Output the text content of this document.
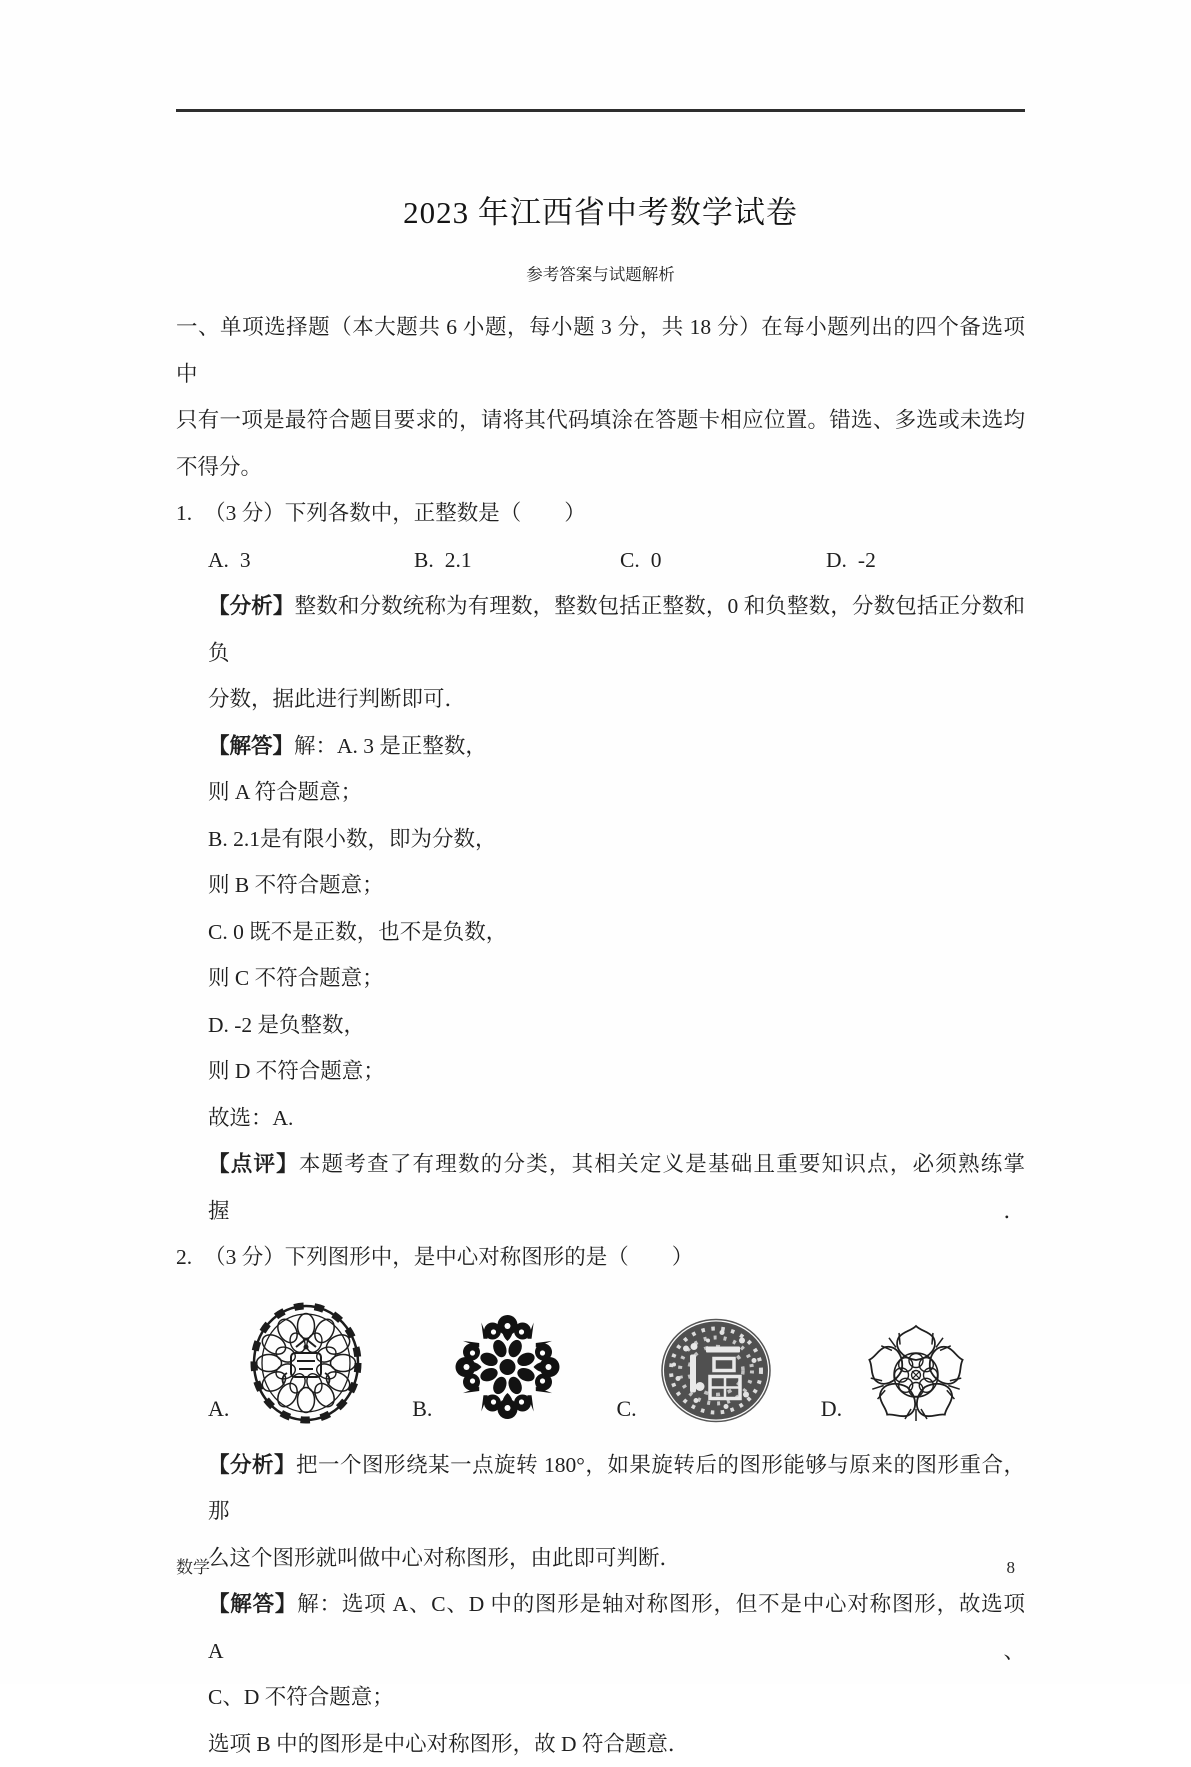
2023 年江西省中考数学试卷
参考答案与试题解析
一、单项选择题（本大题共 6 小题，每小题 3 分，共 18 分）在每小题列出的四个备选项中
只有一项是最符合题目要求的，请将其代码填涂在答题卡相应位置。错选、多选或未选均
不得分。
1. （3 分）下列各数中，正整数是（　　）
A. 3	B. 2.1	C. 0	D. -2
【分析】整数和分数统称为有理数，整数包括正整数，0 和负整数，分数包括正分数和负
分数，据此进行判断即可．
【解答】解：A. 3 是正整数，
则 A 符合题意；
B. 2.1是有限小数，即为分数，
则 B 不符合题意；
C. 0 既不是正数，也不是负数，
则 C 不符合题意；
D. -2 是负整数，
则 D 不符合题意；
故选：A.
【点评】本题考查了有理数的分类，其相关定义是基础且重要知识点，必须熟练掌握．
2. （3 分）下列图形中，是中心对称图形的是（　　）
A.	B.	C.	D.
【分析】把一个图形绕某一点旋转 180°，如果旋转后的图形能够与原来的图形重合，那
么这个图形就叫做中心对称图形，由此即可判断．
【解答】解：选项 A、C、D 中的图形是轴对称图形，但不是中心对称图形，故选项 A、
C、D 不符合题意；
选项 B 中的图形是中心对称图形，故 D 符合题意．
数学	8
